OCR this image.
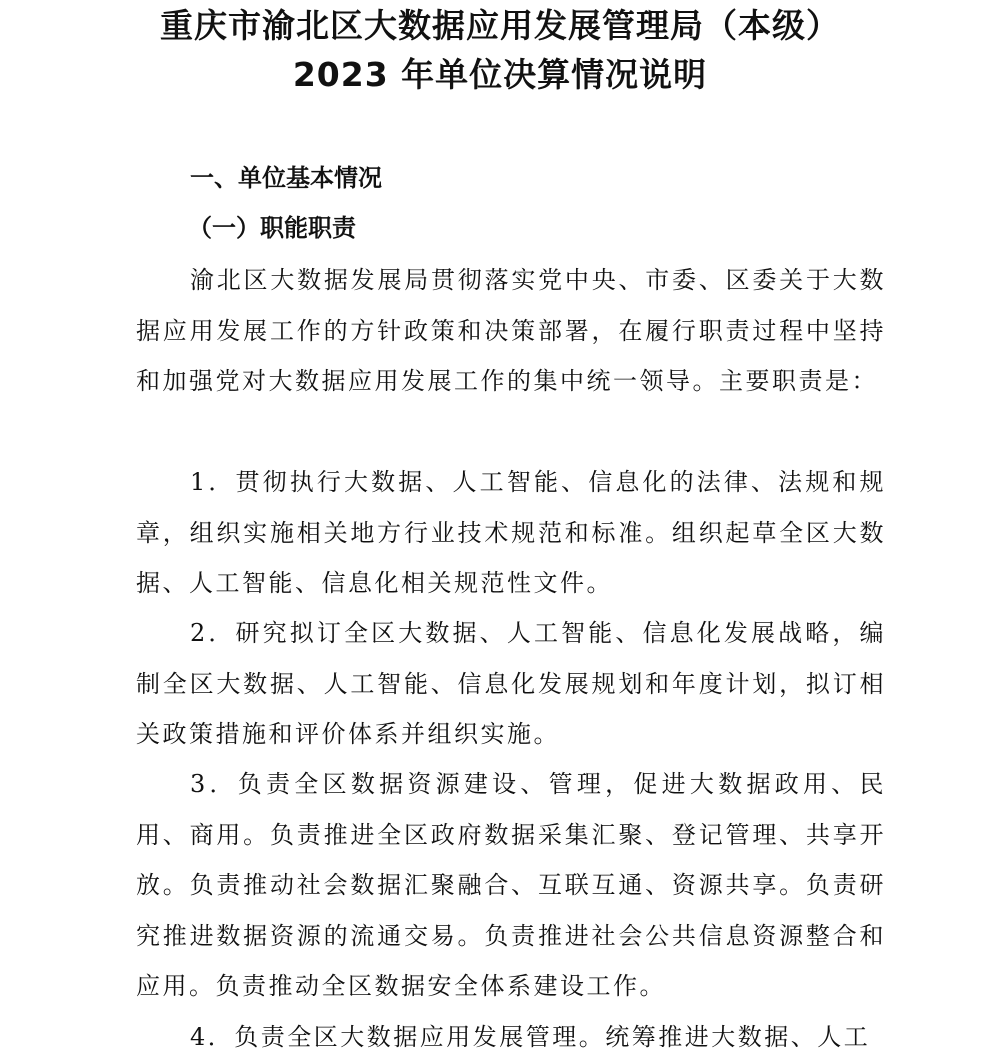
重庆市渝北区大数据应用发展管理局（本级）
2023 年单位决算情况说明
一、单位基本情况
（一）职能职责

渝北区大数据发展局贯彻落实党中央、市委、区委关于大数据应用发展工作的方针政策和决策部署，在履行职责过程中坚持和加强党对大数据应用发展工作的集中统一领导。主要职责是：

1．贯彻执行大数据、人工智能、信息化的法律、法规和规章，组织实施相关地方行业技术规范和标准。组织起草全区大数据、人工智能、信息化相关规范性文件。

2．研究拟订全区大数据、人工智能、信息化发展战略，编制全区大数据、人工智能、信息化发展规划和年度计划，拟订相关政策措施和评价体系并组织实施。

3．负责全区数据资源建设、管理，促进大数据政用、民用、商用。负责推进全区政府数据采集汇聚、登记管理、共享开放。负责推动社会数据汇聚融合、互联互通、资源共享。负责研究推进数据资源的流通交易。负责推进社会公共信息资源整合和应用。负责推动全区数据安全体系建设工作。

4．负责全区大数据应用发展管理。统筹推进大数据、人工
